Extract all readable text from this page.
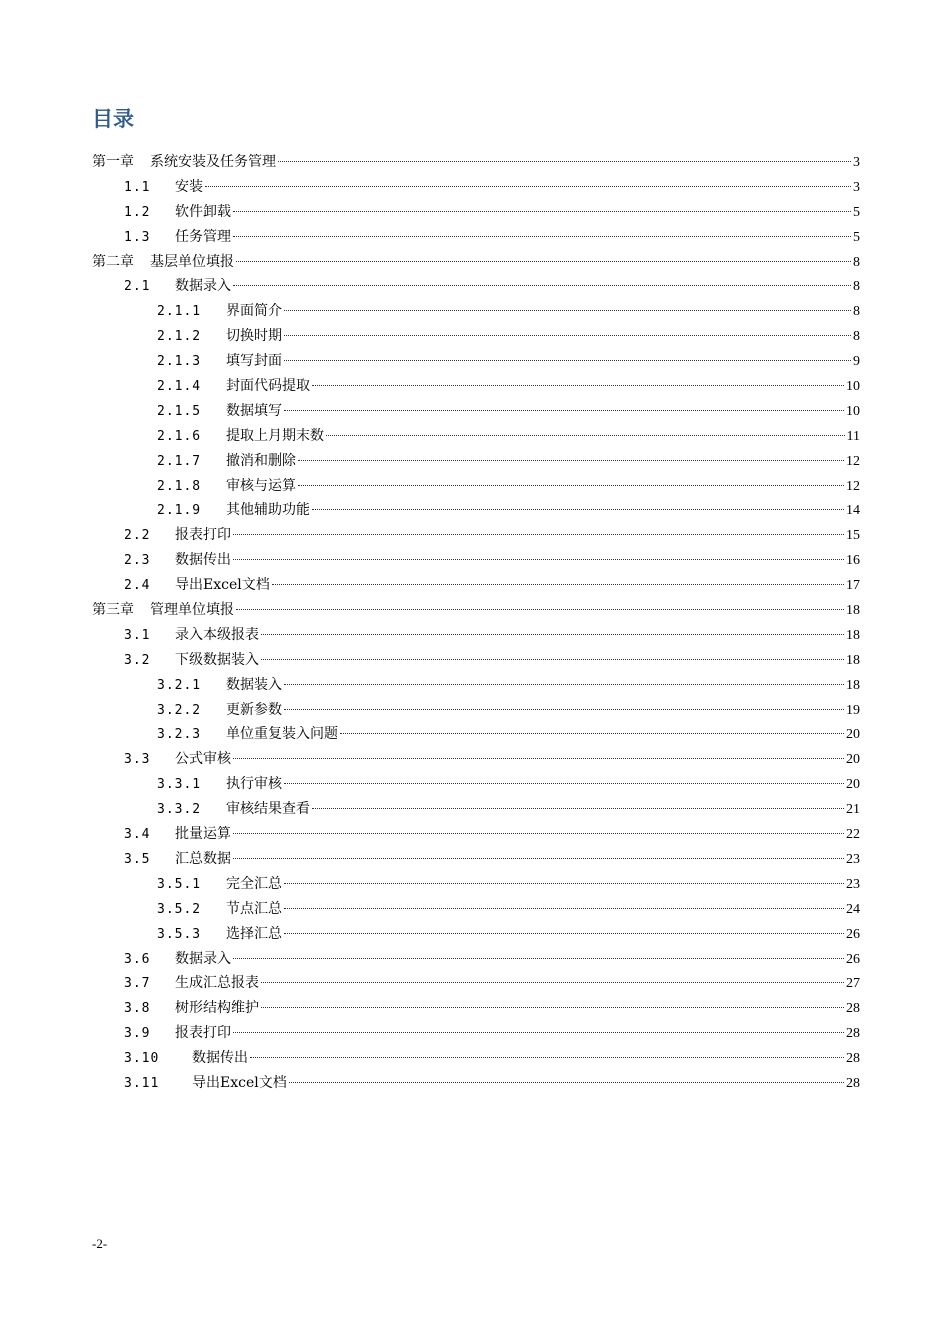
目录
第一章	系统安装及任务管理	3
1.1	安装	3
1.2	软件卸载	5
1.3	任务管理	5
第二章	基层单位填报	8
2.1	数据录入	8
2.1.1	界面简介	8
2.1.2	切换时期	8
2.1.3	填写封面	9
2.1.4	封面代码提取	10
2.1.5	数据填写	10
2.1.6	提取上月期末数	11
2.1.7	撤消和删除	12
2.1.8	审核与运算	12
2.1.9	其他辅助功能	14
2.2	报表打印	15
2.3	数据传出	16
2.4	导出Excel文档	17
第三章	管理单位填报	18
3.1	录入本级报表	18
3.2	下级数据装入	18
3.2.1	数据装入	18
3.2.2	更新参数	19
3.2.3	单位重复装入问题	20
3.3	公式审核	20
3.3.1	执行审核	20
3.3.2	审核结果查看	21
3.4	批量运算	22
3.5	汇总数据	23
3.5.1	完全汇总	23
3.5.2	节点汇总	24
3.5.3	选择汇总	26
3.6	数据录入	26
3.7	生成汇总报表	27
3.8	树形结构维护	28
3.9	报表打印	28
3.10	数据传出	28
3.11	导出Excel文档	28
-2-
